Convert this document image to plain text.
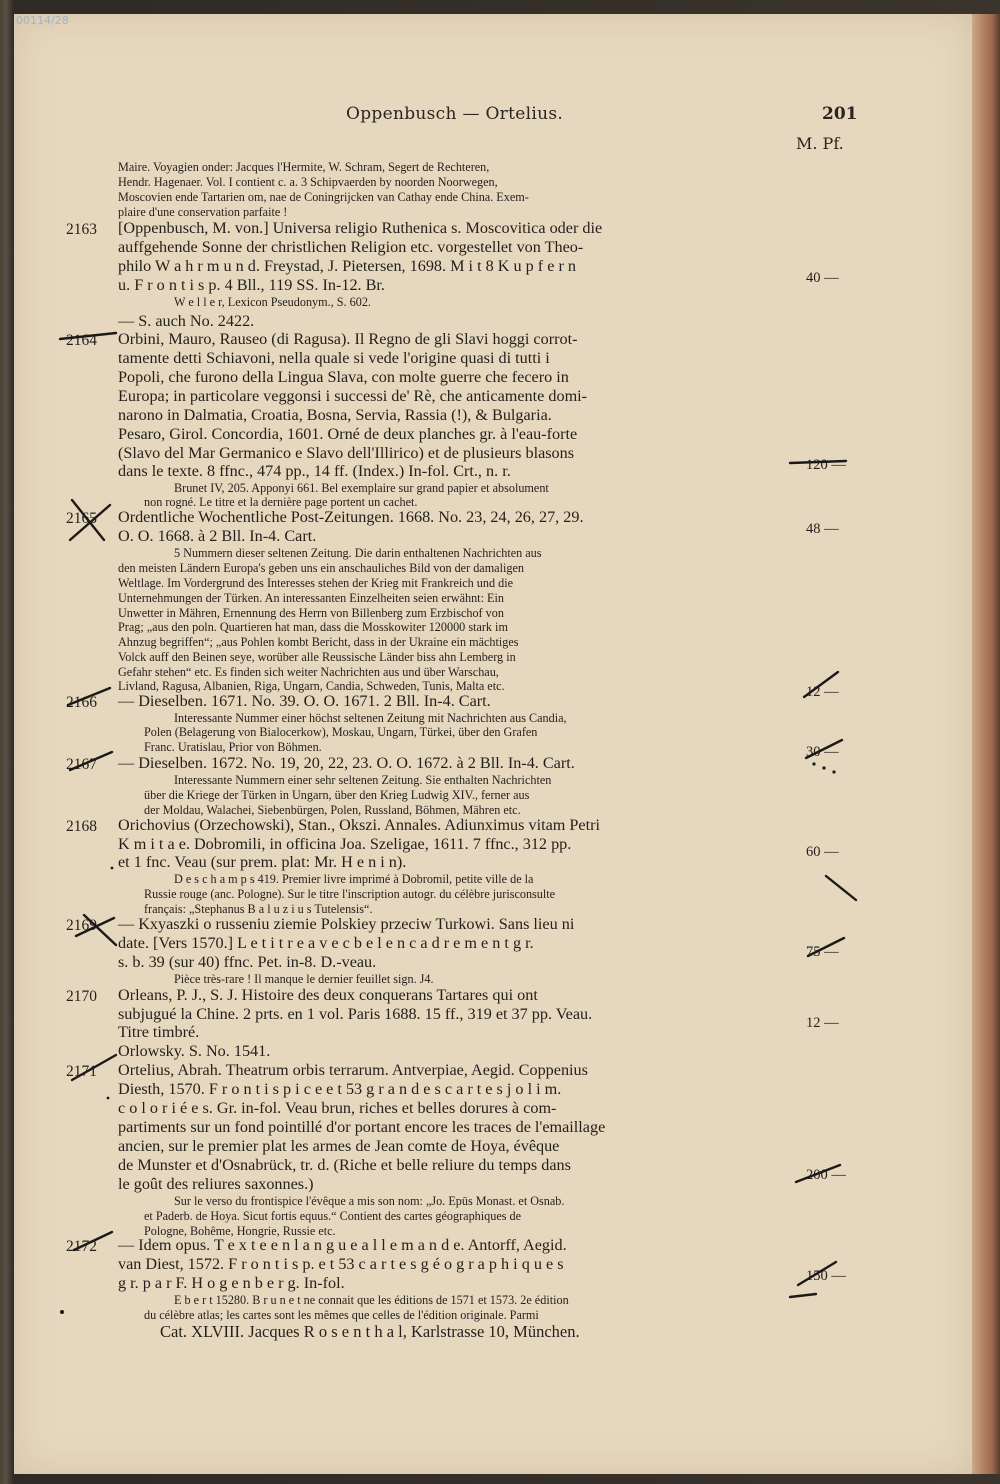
00114/28
Oppenbusch — Ortelius.	201
M. Pf.
Maire. Voyagien onder: Jacques l'Hermite, W. Schram, Segert de Rechteren,
Hendr. Hagenaer. Vol. I contient c. a. 3 Schipvaerden by noorden Noorwegen,
Moscovien ende Tartarien om, nae de Coningrijcken van Cathay ende China. Exem-
plaire d'une conservation parfaite !
[Oppenbusch, M. von.] Universa religio Ruthenica s. Moscovitica oder die
auffgehende Sonne der christlichen Religion etc. vorgestellet von Theo-
philo W a h r m u n d. Freystad, J. Pietersen, 1698. M i t 8 K u p f e r n
u. F r o n t i s p. 4 Bll., 119 SS. In-12. Br.
W e l l e r, Lexicon Pseudonym., S. 602.
— S. auch No. 2422.
Orbini, Mauro, Rauseo (di Ragusa). Il Regno de gli Slavi hoggi corrot-
tamente detti Schiavoni, nella quale si vede l'origine quasi di tutti i
Popoli, che furono della Lingua Slava, con molte guerre che fecero in
Europa; in particolare veggonsi i successi de' Rè, che anticamente domi-
narono in Dalmatia, Croatia, Bosna, Servia, Rassia (!), & Bulgaria.
Pesaro, Girol. Concordia, 1601. Orné de deux planches gr. à l'eau-forte
(Slavo del Mar Germanico e Slavo dell'Illirico) et de plusieurs blasons
dans le texte. 8 ffnc., 474 pp., 14 ff. (Index.) In-fol. Crt., n. r.
Brunet IV, 205. Apponyi 661. Bel exemplaire sur grand papier et absolument
non rogné. Le titre et la dernière page portent un cachet.
Ordentliche Wochentliche Post-Zeitungen. 1668. No. 23, 24, 26, 27, 29.
O. O. 1668. à 2 Bll. In-4. Cart.
5 Nummern dieser seltenen Zeitung. Die darin enthaltenen Nachrichten aus
den meisten Ländern Europa's geben uns ein anschauliches Bild von der damaligen
Weltlage. Im Vordergrund des Interesses stehen der Krieg mit Frankreich und die
Unternehmungen der Türken. An interessanten Einzelheiten seien erwähnt: Ein
Unwetter in Mähren, Ernennung des Herrn von Billenberg zum Erzbischof von
Prag; „aus den poln. Quartieren hat man, dass die Mosskowiter 120000 stark im
Ahnzug begriffen“; „aus Pohlen kombt Bericht, dass in der Ukraine ein mächtiges
Volck auff den Beinen seye, worüber alle Reussische Länder biss ahn Lemberg in
Gefahr stehen“ etc. Es finden sich weiter Nachrichten aus und über Warschau,
Livland, Ragusa, Albanien, Riga, Ungarn, Candia, Schweden, Tunis, Malta etc.
— Dieselben. 1671. No. 39. O. O. 1671. 2 Bll. In-4. Cart.
Interessante Nummer einer höchst seltenen Zeitung mit Nachrichten aus Candia,
Polen (Belagerung von Bialocerkow), Moskau, Ungarn, Türkei, über den Grafen
Franc. Uratislau, Prior von Böhmen.
— Dieselben. 1672. No. 19, 20, 22, 23. O. O. 1672. à 2 Bll. In-4. Cart.
Interessante Nummern einer sehr seltenen Zeitung. Sie enthalten Nachrichten
über die Kriege der Türken in Ungarn, über den Krieg Ludwig XIV., ferner aus
der Moldau, Walachei, Siebenbürgen, Polen, Russland, Böhmen, Mähren etc.
Orichovius (Orzechowski), Stan., Okszi. Annales. Adiunximus vitam Petri
K m i t a e. Dobromili, in officina Joa. Szeligae, 1611. 7 ffnc., 312 pp.
et 1 fnc. Veau (sur prem. plat: Mr. H e n i n).
D e s c h a m p s 419. Premier livre imprimé à Dobromil, petite ville de la
Russie rouge (anc. Pologne). Sur le titre l'inscription autogr. du célèbre jurisconsulte
français: „Stephanus B a l u z i u s Tutelensis“.
— Kxyaszki o russeniu ziemie Polskiey przeciw Turkowi. Sans lieu ni
date. [Vers 1570.] L e t i t r e a v e c b e l e n c a d r e m e n t g r.
s. b. 39 (sur 40) ffnc. Pet. in-8. D.-veau.
Pièce très-rare ! Il manque le dernier feuillet sign. J4.
Orleans, P. J., S. J. Histoire des deux conquerans Tartares qui ont
subjugué la Chine. 2 prts. en 1 vol. Paris 1688. 15 ff., 319 et 37 pp. Veau.
Titre timbré.
Orlowsky. S. No. 1541.
Ortelius, Abrah. Theatrum orbis terrarum. Antverpiae, Aegid. Coppenius
Diesth, 1570. F r o n t i s p i c e e t 53 g r a n d e s c a r t e s j o l i m.
c o l o r i é e s. Gr. in-fol. Veau brun, riches et belles dorures à com-
partiments sur un fond pointillé d'or portant encore les traces de l'emaillage
ancien, sur le premier plat les armes de Jean comte de Hoya, évêque
de Munster et d'Osnabrück, tr. d. (Riche et belle reliure du temps dans
le goût des reliures saxonnes.)
Sur le verso du frontispice l'évêque a mis son nom: „Jo. Epūs Monast. et Osnab.
et Paderb. de Hoya. Sicut fortis equus.“ Contient des cartes géographiques de
Pologne, Bohême, Hongrie, Russie etc.
— Idem opus. T e x t e e n l a n g u e a l l e m a n d e. Antorff, Aegid.
van Diest, 1572. F r o n t i s p. e t 53 c a r t e s g é o g r a p h i q u e s
g r. p a r F. H o g e n b e r g. In-fol.
E b e r t 15280. B r u n e t ne connait que les éditions de 1571 et 1573. 2e édition
du célèbre atlas; les cartes sont les mêmes que celles de l'édition originale. Parmi
2163
2164
2165
2166
2167
2168
2169
2170
2171
2172
40 —
120 —
48 —
12 —
30 —
60 —
75 —
12 —
200 —
150 —
Cat. XLVIII. Jacques R o s e n t h a l, Karlstrasse 10, München.
